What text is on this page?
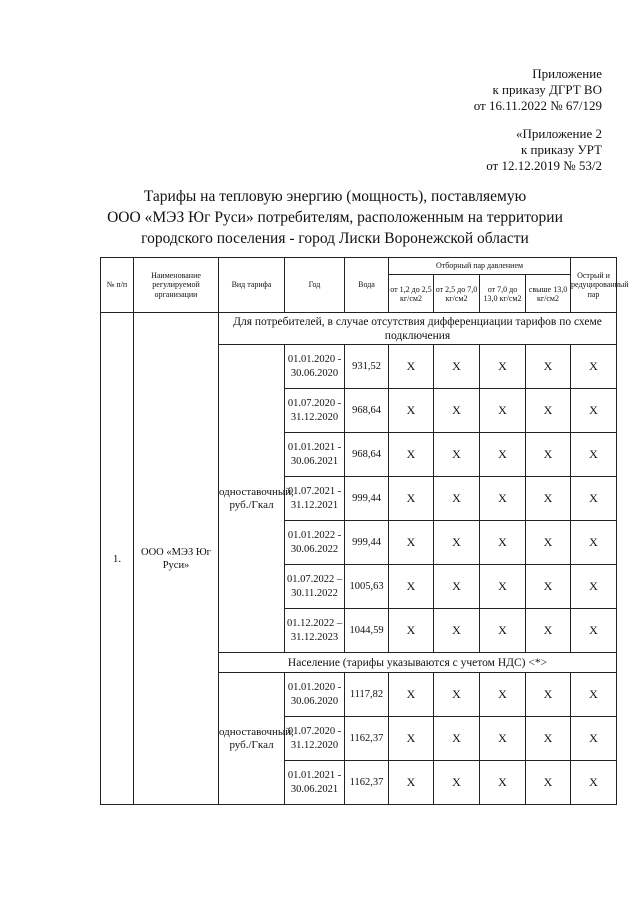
Приложение
к приказу ДГРТ ВО
от 16.11.2022 № 67/129
«Приложение 2
к приказу УРТ
от 12.12.2019 № 53/2
Тарифы на тепловую энергию (мощность), поставляемую
ООО «МЭЗ Юг Руси» потребителям, расположенным на территории
городского поселения - город Лиски Воронежской области
№ п/п	Наименование регулируемой организации	Вид тарифа	Год	Вода	Отборный пар давлением				Острый и редуцированный пар
					от 1,2 до 2,5 кг/см2	от 2,5 до 7,0 кг/см2	от 7,0 до 13,0 кг/см2	свыше 13,0 кг/см2	
1.	ООО «МЭЗ Юг Руси»	Для потребителей, в случае отсутствия дифференциации тарифов по схеме подключения							
		одноставочный, руб./Гкал	01.01.2020 - 30.06.2020	931,52	X	X	X	X	X
			01.07.2020 - 31.12.2020	968,64	X	X	X	X	X
			01.01.2021 - 30.06.2021	968,64	X	X	X	X	X
			01.07.2021 - 31.12.2021	999,44	X	X	X	X	X
			01.01.2022 - 30.06.2022	999,44	X	X	X	X	X
			01.07.2022 – 30.11.2022	1005,63	X	X	X	X	X
			01.12.2022 – 31.12.2023	1044,59	X	X	X	X	X
		Население (тарифы указываются с учетом НДС) <*>							
		одноставочный, руб./Гкал	01.01.2020 - 30.06.2020	1117,82	X	X	X	X	X
			01.07.2020 - 31.12.2020	1162,37	X	X	X	X	X
			01.01.2021 - 30.06.2021	1162,37	X	X	X	X	X
